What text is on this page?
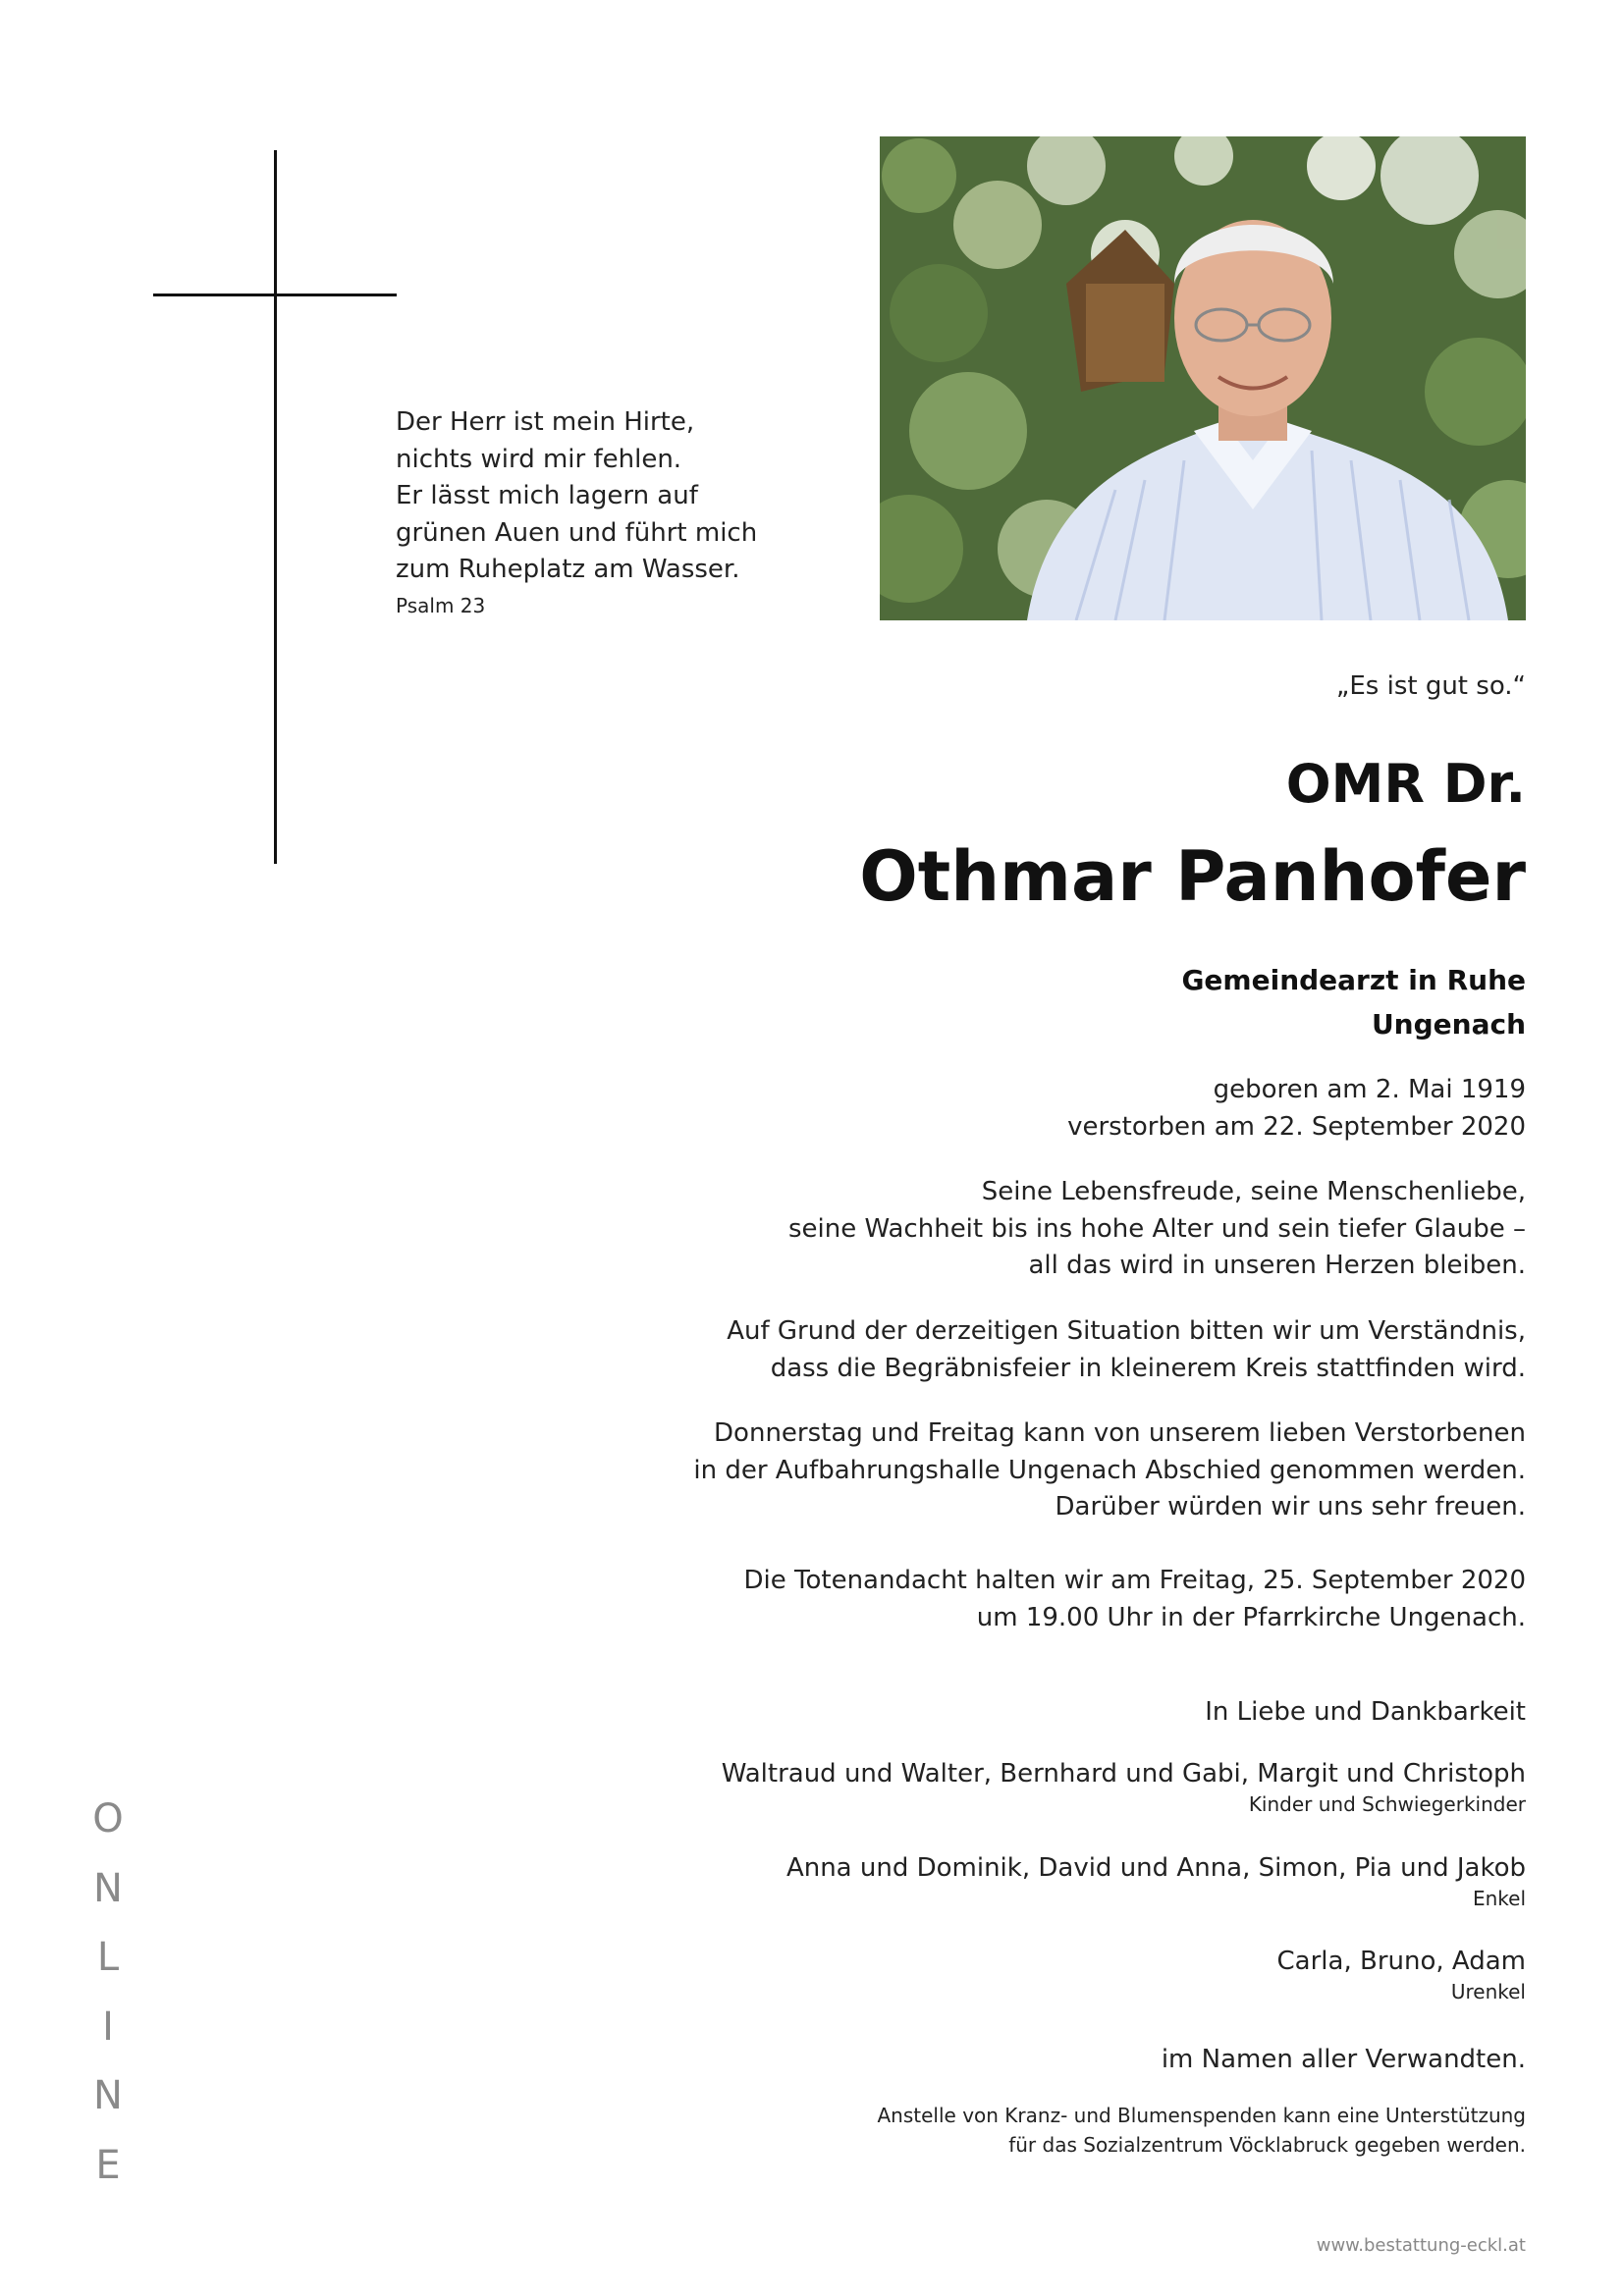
Der Herr ist mein Hirte,
nichts wird mir fehlen.
Er lässt mich lagern auf
grünen Auen und führt mich
zum Ruheplatz am Wasser.
Psalm 23
„Es ist gut so.“
OMR Dr.
Othmar Panhofer
Gemeindearzt in Ruhe
Ungenach
geboren am 2. Mai 1919
verstorben am 22. September 2020
Seine Lebensfreude, seine Menschenliebe,
seine Wachheit bis ins hohe Alter und sein tiefer Glaube –
all das wird in unseren Herzen bleiben.
Auf Grund der derzeitigen Situation bitten wir um Verständnis,
dass die Begräbnisfeier in kleinerem Kreis stattfinden wird.
Donnerstag und Freitag kann von unserem lieben Verstorbenen
in der Aufbahrungshalle Ungenach Abschied genommen werden.
Darüber würden wir uns sehr freuen.
Die Totenandacht halten wir am Freitag, 25. September 2020
um 19.00 Uhr in der Pfarrkirche Ungenach.
In Liebe und Dankbarkeit
Waltraud und Walter, Bernhard und Gabi, Margit und Christoph
Kinder und Schwiegerkinder
Anna und Dominik, David und Anna, Simon, Pia und Jakob
Enkel
Carla, Bruno, Adam
Urenkel
im Namen aller Verwandten.
Anstelle von Kranz- und Blumenspenden kann eine Unterstützung
für das Sozialzentrum Vöcklabruck gegeben werden.
www.bestattung-eckl.at
O
N
L
I
N
E
